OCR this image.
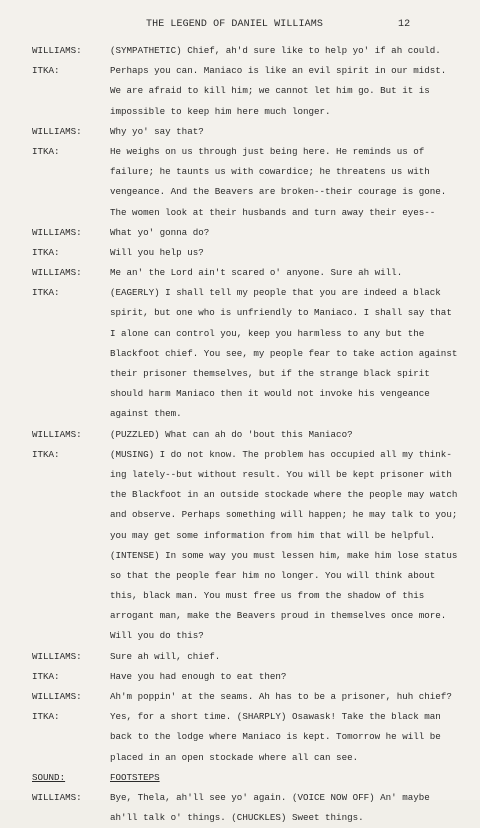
THE LEGEND OF DANIEL WILLIAMS	12
WILLIAMS:	(SYMPATHETIC) Chief, ah'd sure like to help yo' if ah could.
ITKA:	Perhaps you can. Maniaco is like an evil spirit in our midst.
We are afraid to kill him; we cannot let him go. But it is
impossible to keep him here much longer.
WILLIAMS:	Why yo' say that?
ITKA:	He weighs on us through just being here. He reminds us of
failure; he taunts us with cowardice; he threatens us with
vengeance. And the Beavers are broken--their courage is gone.
The women look at their husbands and turn away their eyes--
WILLIAMS:	What yo' gonna do?
ITKA:	Will you help us?
WILLIAMS:	Me an' the Lord ain't scared o' anyone. Sure ah will.
ITKA:	(EAGERLY) I shall tell my people that you are indeed a black
spirit, but one who is unfriendly to Maniaco. I shall say that
I alone can control you, keep you harmless to any but the
Blackfoot chief. You see, my people fear to take action against
their prisoner themselves, but if the strange black spirit
should harm Maniaco then it would not invoke his vengeance
against them.
WILLIAMS:	(PUZZLED) What can ah do 'bout this Maniaco?
ITKA:	(MUSING) I do not know. The problem has occupied all my think-
ing lately--but without result. You will be kept prisoner with
the Blackfoot in an outside stockade where the people may watch
and observe. Perhaps something will happen; he may talk to you;
you may get some information from him that will be helpful.
(INTENSE) In some way you must lessen him, make him lose status
so that the people fear him no longer. You will think about
this, black man. You must free us from the shadow of this
arrogant man, make the Beavers proud in themselves once more.
Will you do this?
WILLIAMS:	Sure ah will, chief.
ITKA:	Have you had enough to eat then?
WILLIAMS:	Ah'm poppin' at the seams. Ah has to be a prisoner, huh chief?
ITKA:	Yes, for a short time. (SHARPLY) Osawask! Take the black man
back to the lodge where Maniaco is kept. Tomorrow he will be
placed in an open stockade where all can see.
SOUND:	FOOTSTEPS
WILLIAMS:	Bye, Thela, ah'll see yo' again. (VOICE NOW OFF) An' maybe
ah'll talk o' things. (CHUCKLES) Sweet things.
